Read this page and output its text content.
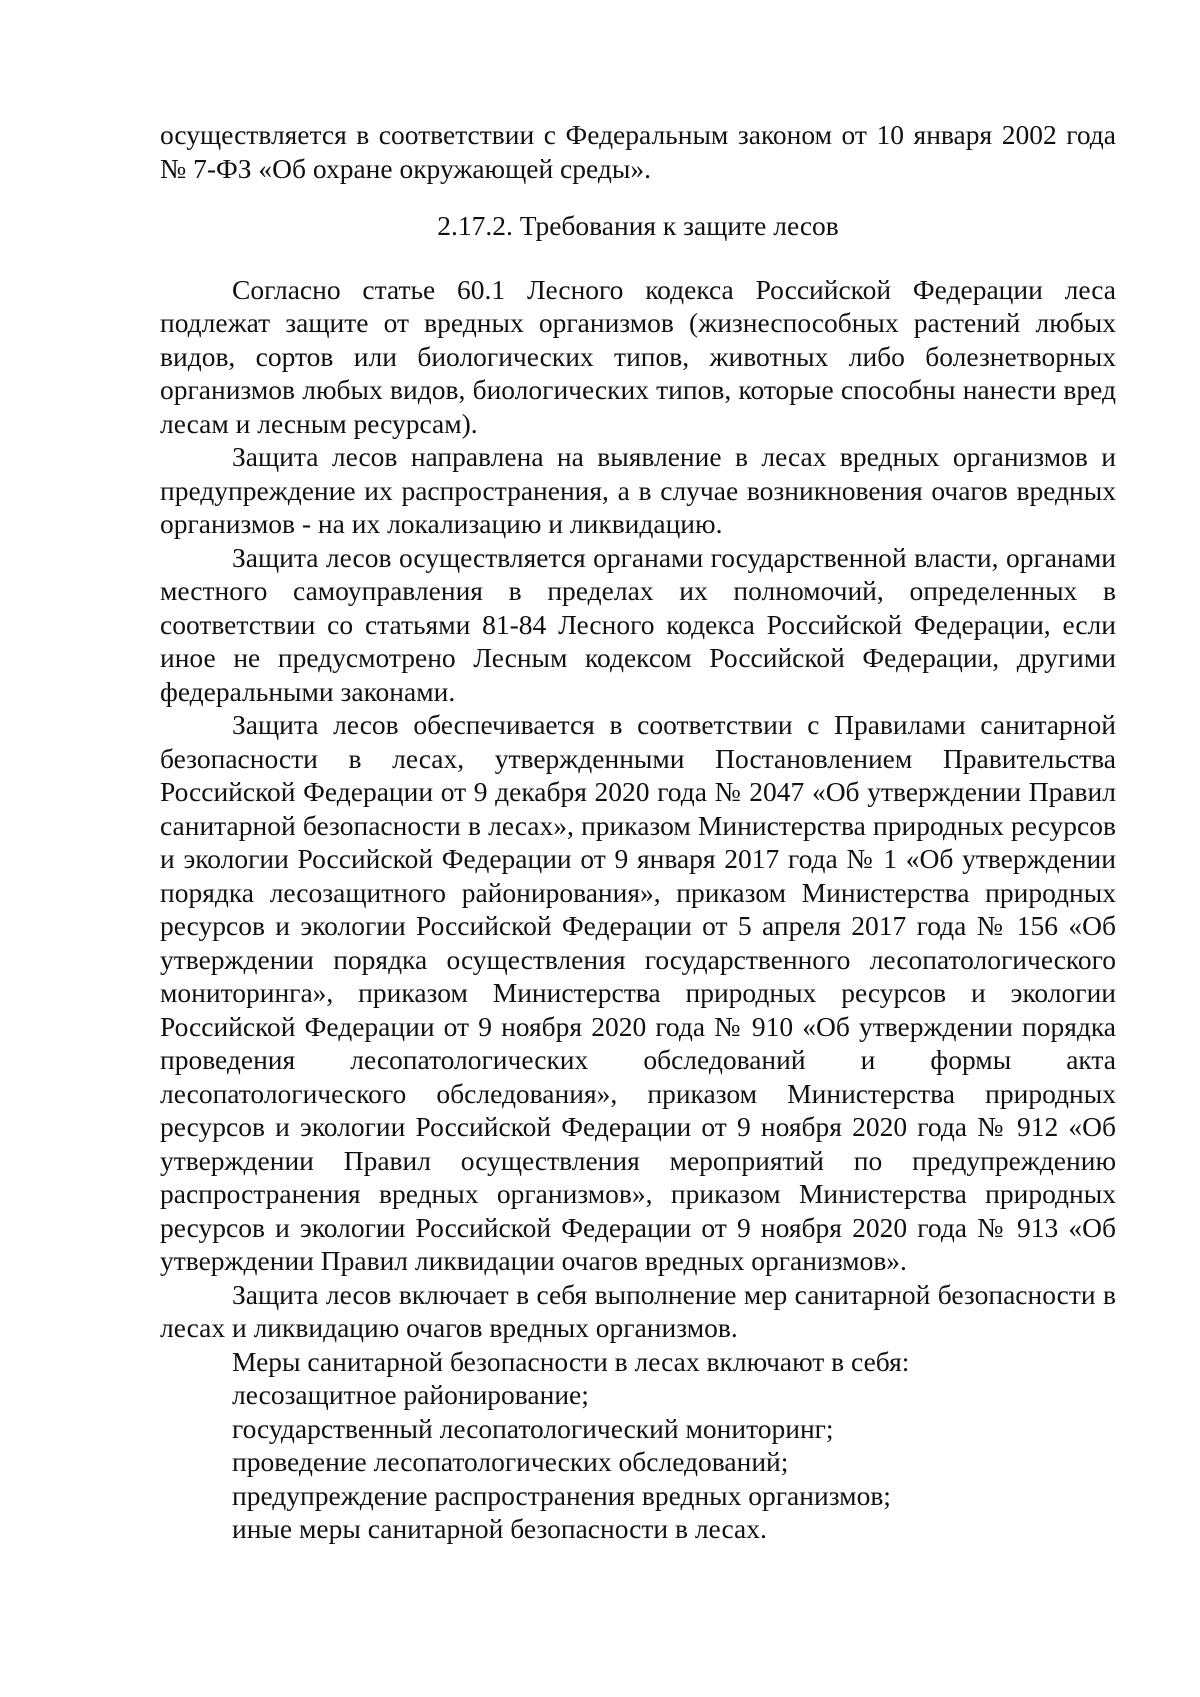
осуществляется в соответствии с Федеральным законом от 10 января 2002 года № 7-ФЗ «Об охране окружающей среды».

2.17.2. Требования к защите лесов

Согласно статье 60.1 Лесного кодекса Российской Федерации леса подлежат защите от вредных организмов (жизнеспособных растений любых видов, сортов или биологических типов, животных либо болезнетворных организмов любых видов, биологических типов, которые способны нанести вред лесам и лесным ресурсам).

Защита лесов направлена на выявление в лесах вредных организмов и предупреждение их распространения, а в случае возникновения очагов вредных организмов - на их локализацию и ликвидацию.

Защита лесов осуществляется органами государственной власти, органами местного самоуправления в пределах их полномочий, определенных в соответствии со статьями 81-84 Лесного кодекса Российской Федерации, если иное не предусмотрено Лесным кодексом Российской Федерации, другими федеральными законами.

Защита лесов обеспечивается в соответствии с Правилами санитарной безопасности в лесах, утвержденными Постановлением Правительства Российской Федерации от 9 декабря 2020 года № 2047 «Об утверждении Правил санитарной безопасности в лесах», приказом Министерства природных ресурсов и экологии Российской Федерации от 9 января 2017 года № 1 «Об утверждении порядка лесозащитного районирования», приказом Министерства природных ресурсов и экологии Российской Федерации от 5 апреля 2017 года № 156 «Об утверждении порядка осуществления государственного лесопатологического мониторинга», приказом Министерства природных ресурсов и экологии Российской Федерации от 9 ноября 2020 года № 910 «Об утверждении порядка проведения лесопатологических обследований и формы акта лесопатологического обследования», приказом Министерства природных ресурсов и экологии Российской Федерации от 9 ноября 2020 года № 912 «Об утверждении Правил осуществления мероприятий по предупреждению распространения вредных организмов», приказом Министерства природных ресурсов и экологии Российской Федерации от 9 ноября 2020 года № 913 «Об утверждении Правил ликвидации очагов вредных организмов».

Защита лесов включает в себя выполнение мер санитарной безопасности в лесах и ликвидацию очагов вредных организмов.

Меры санитарной безопасности в лесах включают в себя:

лесозащитное районирование;

государственный лесопатологический мониторинг;

проведение лесопатологических обследований;

предупреждение распространения вредных организмов;

иные меры санитарной безопасности в лесах.
